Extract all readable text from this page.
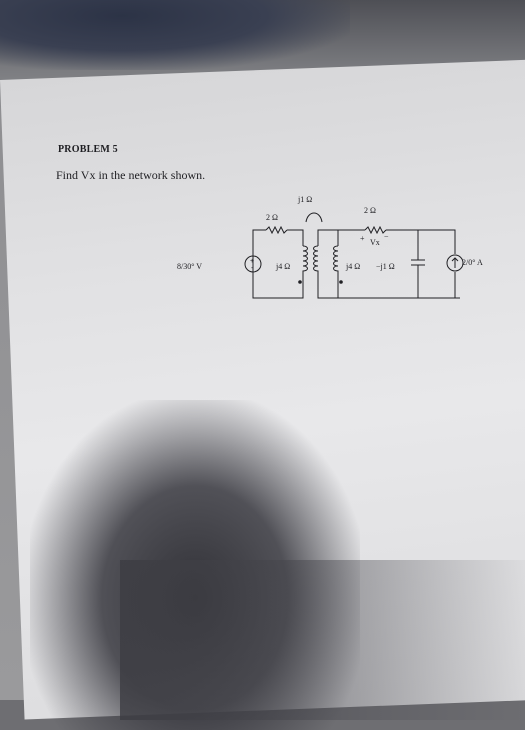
PROBLEM 5
Find Vx in the network shown.
+
-
8/30° V
2 Ω
j1 Ω
j4 Ω
2 Ω
+ Vx
−
j4 Ω −j1 Ω	2/0° A
